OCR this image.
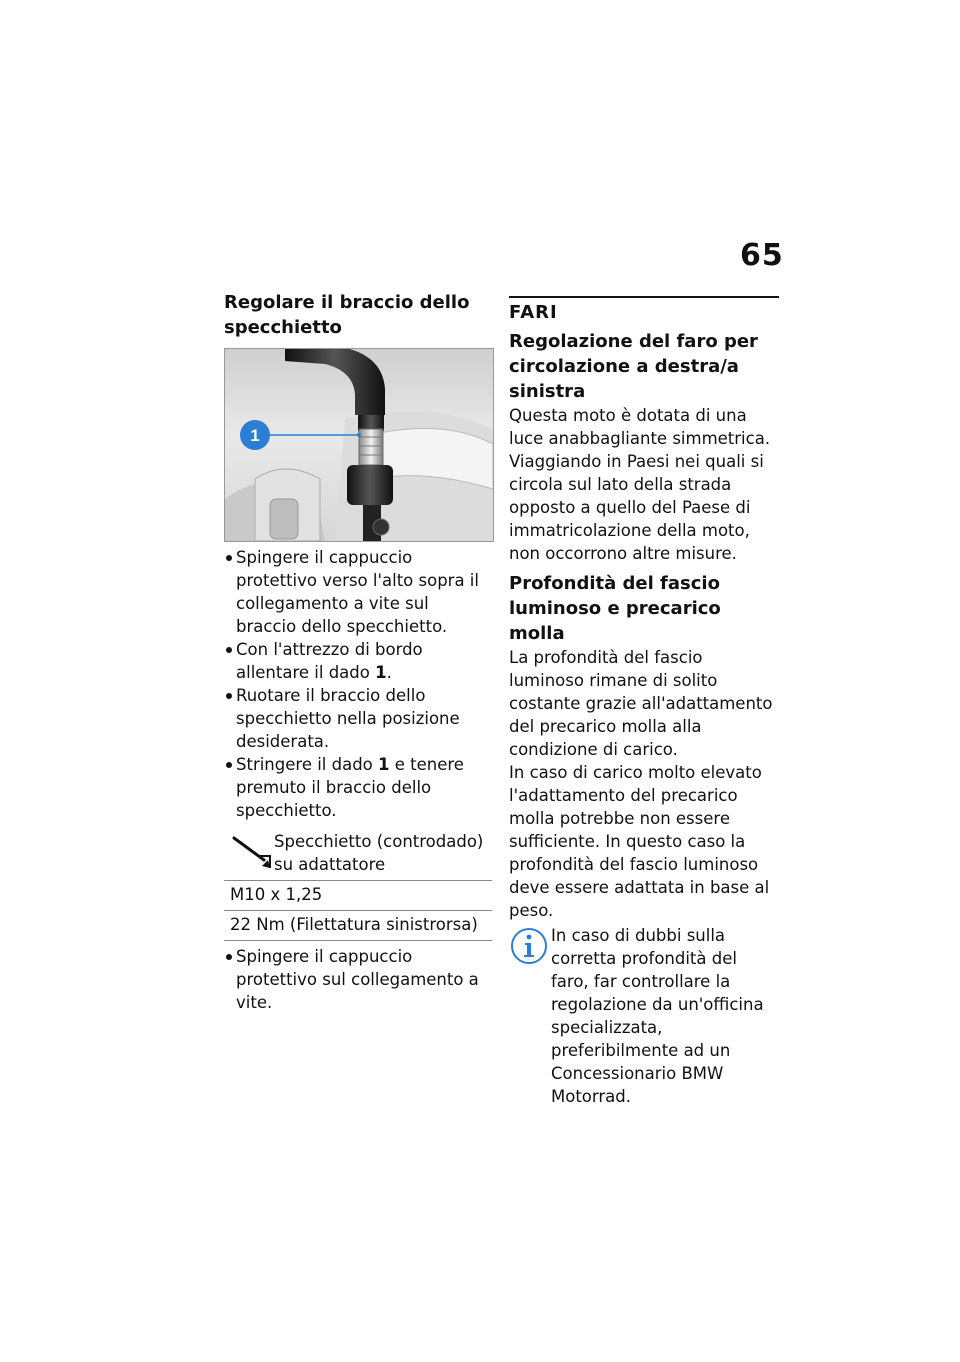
65
Regolare il braccio dello specchietto
1
Spingere il cappuccio protettivo verso l'alto sopra il collegamento a vite sul braccio dello specchietto.
Con l'attrezzo di bordo allentare il dado 1.
Ruotare il braccio dello specchietto nella posizione desiderata.
Stringere il dado 1 e tenere premuto il braccio dello specchietto.
Specchietto (controdado) su adattatore

M10 x 1,25
22 Nm (Filettatura sinistrorsa)
Spingere il cappuccio protettivo sul collegamento a vite.
FARI
Regolazione del faro per circolazione a destra/a sinistra

Questa moto è dotata di una luce anabbagliante simmetrica. Viaggiando in Paesi nei quali si circola sul lato della strada opposto a quello del Paese di immatricolazione della moto, non occorrono altre misure.

Profondità del fascio luminoso e precarico molla

La profondità del fascio luminoso rimane di solito costante grazie all'adattamento del precarico molla alla condizione di carico.

In caso di carico molto elevato l'adattamento del precarico molla potrebbe non essere sufficiente. In questo caso la profondità del fascio luminoso deve essere adattata in base al peso.

In caso di dubbi sulla corretta profondità del faro, far controllare la regolazione da un'officina specializzata, preferibilmente ad un Concessionario BMW Motorrad.
